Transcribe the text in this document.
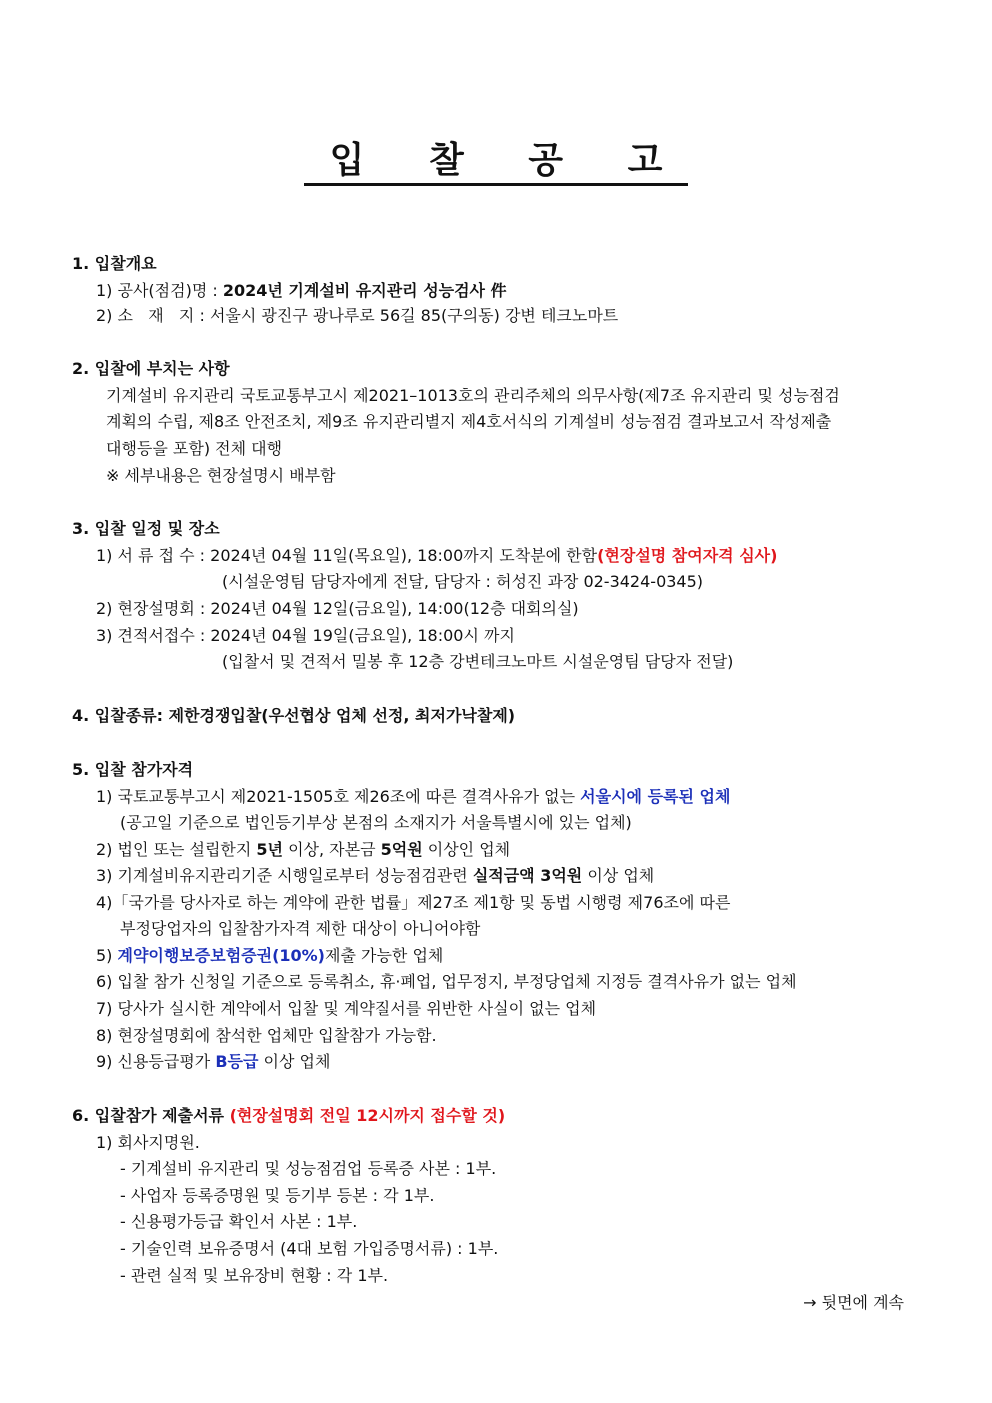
입 찰 공 고
1. 입찰개요
1) 공사(점검)명 : 2024년 기계설비 유지관리 성능검사 件
2) 소   재   지 : 서울시 광진구 광나루로 56길 85(구의동) 강변 테크노마트
2. 입찰에 부치는 사항
기계설비 유지관리 국토교통부고시 제2021–1013호의 관리주체의 의무사항(제7조 유지관리 및 성능점검
계획의 수립, 제8조 안전조치, 제9조 유지관리별지 제4호서식의 기계설비 성능점검 결과보고서 작성제출
대행등을 포함) 전체 대행
※ 세부내용은 현장설명시 배부함
3. 입찰 일정 및 장소
1) 서 류 접 수 : 2024년 04월 11일(목요일), 18:00까지 도착분에 한함(현장설명 참여자격 심사)
(시설운영팀 담당자에게 전달, 담당자 : 허성진 과장 02-3424-0345)
2) 현장설명회 : 2024년 04월 12일(금요일), 14:00(12층 대회의실)
3) 견적서접수 : 2024년 04월 19일(금요일), 18:00시 까지
(입찰서 및 견적서 밀봉 후 12층 강변테크노마트 시설운영팀 담당자 전달)
4. 입찰종류: 제한경쟁입찰(우선협상 업체 선정, 최저가낙찰제)
5. 입찰 참가자격
1) 국토교통부고시 제2021-1505호 제26조에 따른 결격사유가 없는 서울시에 등록된 업체
(공고일 기준으로 법인등기부상 본점의 소재지가 서울특별시에 있는 업체)
2) 법인 또는 설립한지 5년 이상, 자본금 5억원 이상인 업체
3) 기계설비유지관리기준 시행일로부터 성능점검관련 실적금액 3억원 이상 업체
4)「국가를 당사자로 하는 계약에 관한 법률」제27조 제1항 및 동법 시행령 제76조에 따른
부정당업자의 입찰참가자격 제한 대상이 아니어야함
5) 계약이행보증보험증권(10%)제출 가능한 업체
6) 입찰 참가 신청일 기준으로 등록취소, 휴·폐업, 업무정지, 부정당업체 지정등 결격사유가 없는 업체
7) 당사가 실시한 계약에서 입찰 및 계약질서를 위반한 사실이 없는 업체
8) 현장설명회에 참석한 업체만 입찰참가 가능함.
9) 신용등급평가 B등급 이상 업체
6. 입찰참가 제출서류 (현장설명회 전일 12시까지 접수할 것)
1) 회사지명원.
- 기계설비 유지관리 및 성능점검업 등록증 사본 : 1부.
- 사업자 등록증명원 및 등기부 등본 : 각 1부.
- 신용평가등급 확인서 사본 : 1부.
- 기술인력 보유증명서 (4대 보험 가입증명서류) : 1부.
- 관련 실적 및 보유장비 현황 : 각 1부.
→ 뒷면에 계속
